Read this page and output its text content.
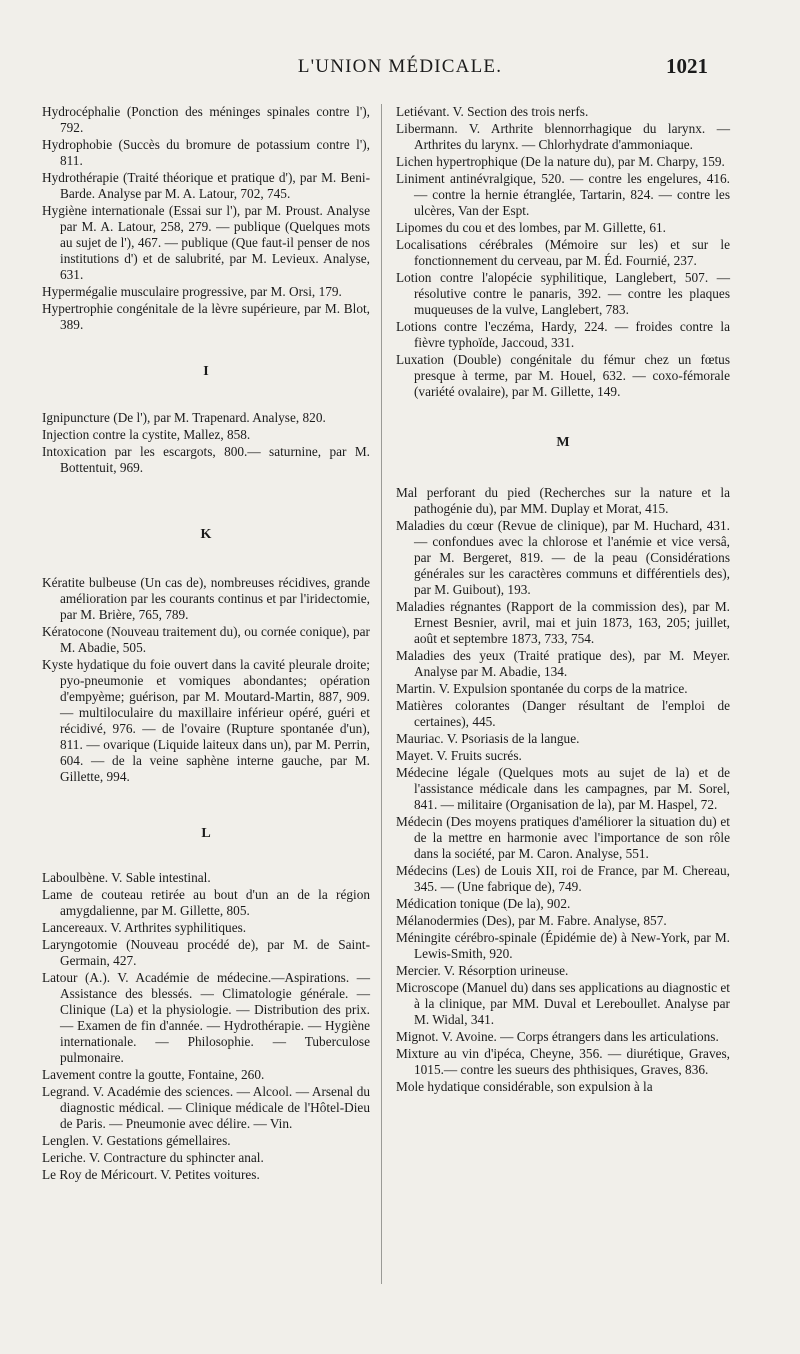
L'UNION MÉDICALE.	1021

Hydrocéphalie (Ponction des méninges spinales contre l'), 792.

Hydrophobie (Succès du bromure de potassium contre l'), 811.

Hydrothérapie (Traité théorique et pratique d'), par M. Beni-Barde. Analyse par M. A. Latour, 702, 745.

Hygiène internationale (Essai sur l'), par M. Proust. Analyse par M. A. Latour, 258, 279. — publique (Quelques mots au sujet de l'), 467. — publique (Que faut-il penser de nos institutions d') et de salubrité, par M. Levieux. Analyse, 631.

Hypermégalie musculaire progressive, par M. Orsi, 179.

Hypertrophie congénitale de la lèvre supérieure, par M. Blot, 389.

I

Ignipuncture (De l'), par M. Trapenard. Analyse, 820.

Injection contre la cystite, Mallez, 858.

Intoxication par les escargots, 800.— saturnine, par M. Bottentuit, 969.

K

Kératite bulbeuse (Un cas de), nombreuses récidives, grande amélioration par les courants continus et par l'iridectomie, par M. Brière, 765, 789.

Kératocone (Nouveau traitement du), ou cornée conique), par M. Abadie, 505.

Kyste hydatique du foie ouvert dans la cavité pleurale droite; pyo-pneumonie et vomiques abondantes; opération d'empyème; guérison, par M. Moutard-Martin, 887, 909. — multiloculaire du maxillaire inférieur opéré, guéri et récidivé, 976. — de l'ovaire (Rupture spontanée d'un), 811. — ovarique (Liquide laiteux dans un), par M. Perrin, 604. — de la veine saphène interne gauche, par M. Gillette, 994.

L

Laboulbène. V. Sable intestinal.

Lame de couteau retirée au bout d'un an de la région amygdalienne, par M. Gillette, 805.

Lancereaux. V. Arthrites syphilitiques.

Laryngotomie (Nouveau procédé de), par M. de Saint-Germain, 427.

Latour (A.). V. Académie de médecine.—Aspirations. — Assistance des blessés. — Climatologie générale. — Clinique (La) et la physiologie. — Distribution des prix. — Examen de fin d'année. — Hydrothérapie. — Hygiène internationale. — Philosophie. — Tuberculose pulmonaire.

Lavement contre la goutte, Fontaine, 260.

Legrand. V. Académie des sciences. — Alcool. — Arsenal du diagnostic médical. — Clinique médicale de l'Hôtel-Dieu de Paris. — Pneumonie avec délire. — Vin.

Lenglen. V. Gestations gémellaires.

Leriche. V. Contracture du sphincter anal.

Le Roy de Méricourt. V. Petites voitures.

Letiévant. V. Section des trois nerfs.

Libermann. V. Arthrite blennorrhagique du larynx. — Arthrites du larynx. — Chlorhydrate d'ammoniaque.

Lichen hypertrophique (De la nature du), par M. Charpy, 159.

Liniment antinévralgique, 520. — contre les engelures, 416. — contre la hernie étranglée, Tartarin, 824. — contre les ulcères, Van der Espt.

Lipomes du cou et des lombes, par M. Gillette, 61.

Localisations cérébrales (Mémoire sur les) et sur le fonctionnement du cerveau, par M. Éd. Fournié, 237.

Lotion contre l'alopécie syphilitique, Langlebert, 507. — résolutive contre le panaris, 392. — contre les plaques muqueuses de la vulve, Langlebert, 783.

Lotions contre l'eczéma, Hardy, 224. — froides contre la fièvre typhoïde, Jaccoud, 331.

Luxation (Double) congénitale du fémur chez un fœtus presque à terme, par M. Houel, 632. — coxo-fémorale (variété ovalaire), par M. Gillette, 149.

M

Mal perforant du pied (Recherches sur la nature et la pathogénie du), par MM. Duplay et Morat, 415.

Maladies du cœur (Revue de clinique), par M. Huchard, 431. — confondues avec la chlorose et l'anémie et vice versâ, par M. Bergeret, 819. — de la peau (Considérations générales sur les caractères communs et différentiels des), par M. Guibout), 193.

Maladies régnantes (Rapport de la commission des), par M. Ernest Besnier, avril, mai et juin 1873, 163, 205; juillet, août et septembre 1873, 733, 754.

Maladies des yeux (Traité pratique des), par M. Meyer. Analyse par M. Abadie, 134.

Martin. V. Expulsion spontanée du corps de la matrice.

Matières colorantes (Danger résultant de l'emploi de certaines), 445.

Mauriac. V. Psoriasis de la langue.

Mayet. V. Fruits sucrés.

Médecine légale (Quelques mots au sujet de la) et de l'assistance médicale dans les campagnes, par M. Sorel, 841. — militaire (Organisation de la), par M. Haspel, 72.

Médecin (Des moyens pratiques d'améliorer la situation du) et de la mettre en harmonie avec l'importance de son rôle dans la société, par M. Caron. Analyse, 551.

Médecins (Les) de Louis XII, roi de France, par M. Chereau, 345. — (Une fabrique de), 749.

Médication tonique (De la), 902.

Mélanodermies (Des), par M. Fabre. Analyse, 857.

Méningite cérébro-spinale (Épidémie de) à New-York, par M. Lewis-Smith, 920.

Mercier. V. Résorption urineuse.

Microscope (Manuel du) dans ses applications au diagnostic et à la clinique, par MM. Duval et Lereboullet. Analyse par M. Widal, 341.

Mignot. V. Avoine. — Corps étrangers dans les articulations.

Mixture au vin d'ipéca, Cheyne, 356. — diurétique, Graves, 1015.— contre les sueurs des phthisiques, Graves, 836.

Mole hydatique considérable, son expulsion à la
